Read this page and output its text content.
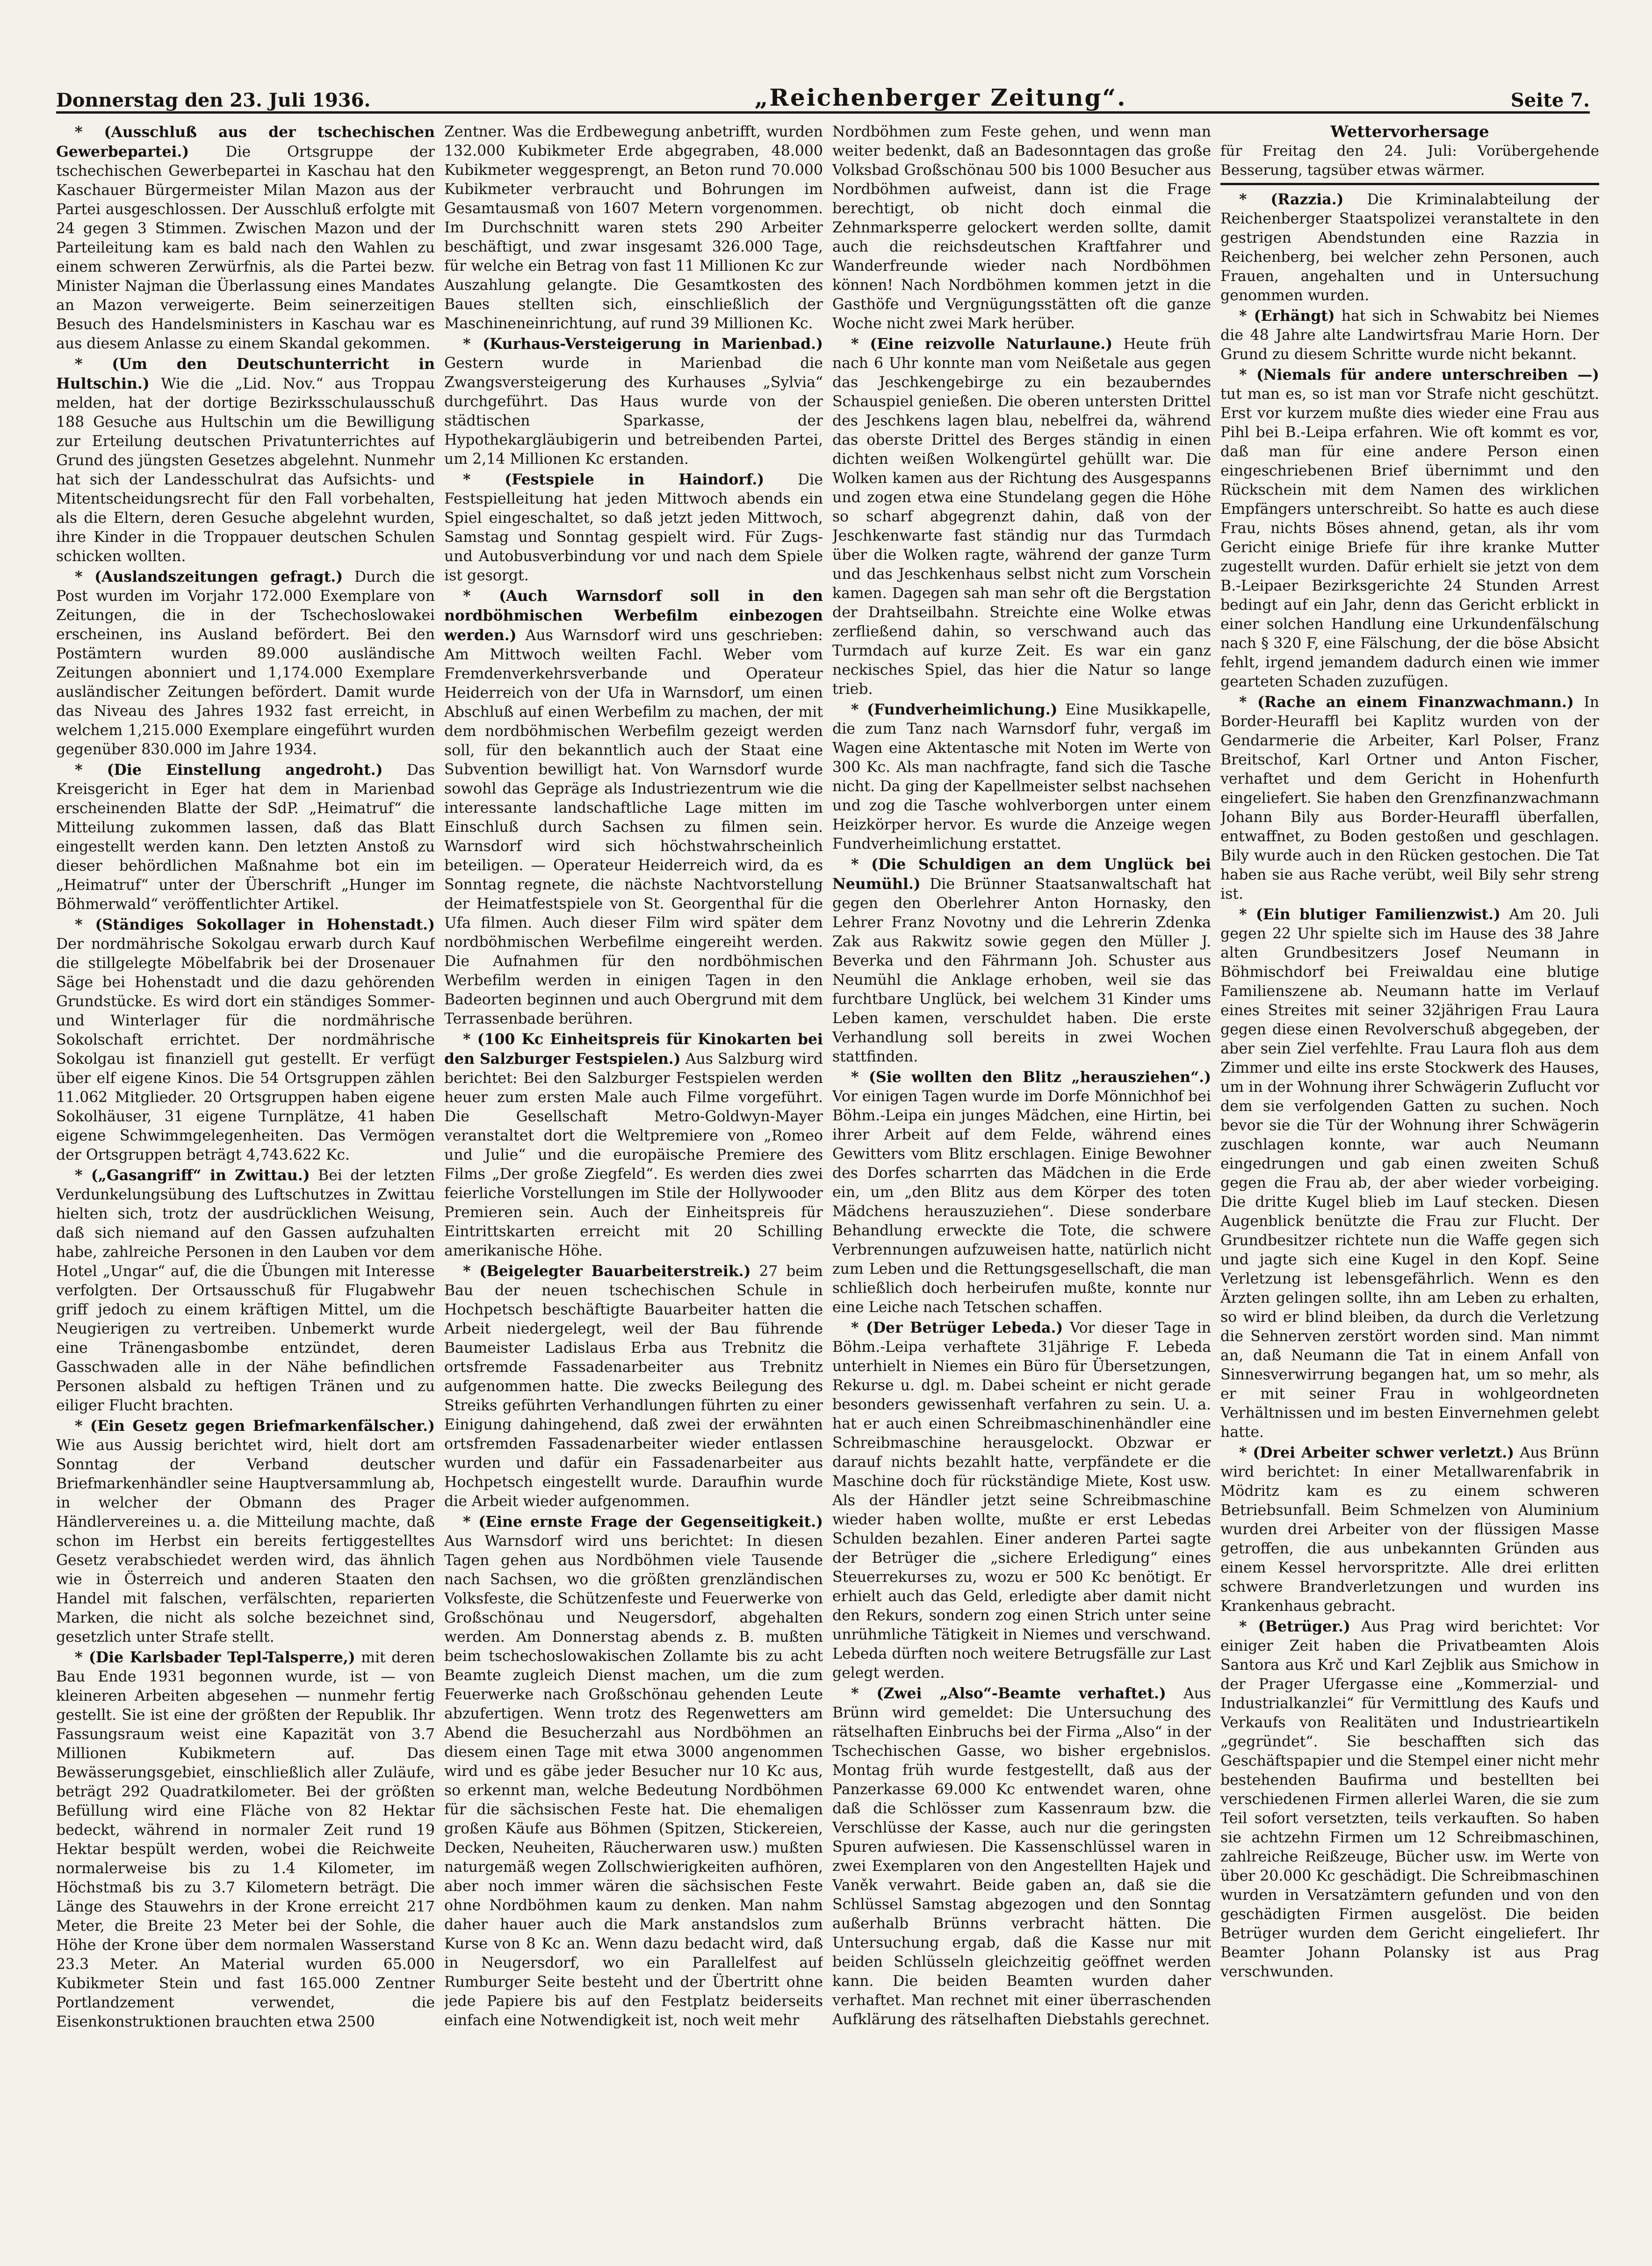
Donnerstag den 23. Juli 1936.	„Reichenberger Zeitung“.	Seite 7.

* (Ausschluß aus der tschechischen Gewerbepartei.) Die Ortsgruppe der tschechischen Gewerbepartei in Kaschau hat den Kaschauer Bürgermeister Milan Mazon aus der Partei ausgeschlossen. Der Ausschluß erfolgte mit 24 gegen 3 Stimmen. Zwischen Mazon und der Parteileitung kam es bald nach den Wahlen zu einem schweren Zerwürfnis, als die Partei bezw. Minister Najman die Überlassung eines Mandates an Mazon verweigerte. Beim seinerzeitigen Besuch des Handelsministers in Kaschau war es aus diesem Anlasse zu einem Skandal gekommen.

* (Um den Deutschunterricht in Hultschin.) Wie die „Lid. Nov.“ aus Troppau melden, hat der dortige Bezirksschulausschuß 188 Gesuche aus Hultschin um die Bewilligung zur Erteilung deutschen Privatunterrichtes auf Grund des jüngsten Gesetzes abgelehnt. Nunmehr hat sich der Landesschulrat das Aufsichts- und Mitentscheidungsrecht für den Fall vorbehalten, als die Eltern, deren Gesuche abgelehnt wurden, ihre Kinder in die Troppauer deutschen Schulen schicken wollten.

* (Auslandszeitungen gefragt.) Durch die Post wurden im Vorjahr 172.000 Exemplare von Zeitungen, die in der Tschechoslowakei erscheinen, ins Ausland befördert. Bei den Postämtern wurden 89.000 ausländische Zeitungen abonniert und 1,174.000 Exemplare ausländischer Zeitungen befördert. Damit wurde das Niveau des Jahres 1932 fast erreicht, in welchem 1,215.000 Exemplare eingeführt wurden gegenüber 830.000 im Jahre 1934.

* (Die Einstellung angedroht.) Das Kreisgericht in Eger hat dem in Marienbad erscheinenden Blatte der SdP. „Heimatruf“ die Mitteilung zukommen lassen, daß das Blatt eingestellt werden kann. Den letzten Anstoß zu dieser behördlichen Maßnahme bot ein im „Heimatruf“ unter der Überschrift „Hunger im Böhmerwald“ veröffentlichter Artikel.

* (Ständiges Sokollager in Hohenstadt.) Der nordmährische Sokolgau erwarb durch Kauf die stillgelegte Möbelfabrik bei der Drosenauer Säge bei Hohenstadt und die dazu gehörenden Grundstücke. Es wird dort ein ständiges Sommer- und Winterlager für die nordmährische Sokolschaft errichtet. Der nordmährische Sokolgau ist finanziell gut gestellt. Er verfügt über elf eigene Kinos. Die 54 Ortsgruppen zählen 11.062 Mitglieder. 20 Ortsgruppen haben eigene Sokolhäuser, 31 eigene Turnplätze, 41 haben eigene Schwimmgelegenheiten. Das Vermögen der Ortsgruppen beträgt 4,743.622 Kc.

* („Gasangriff“ in Zwittau.) Bei der letzten Verdunkelungsübung des Luftschutzes in Zwittau hielten sich, trotz der ausdrücklichen Weisung, daß sich niemand auf den Gassen aufzuhalten habe, zahlreiche Personen in den Lauben vor dem Hotel „Ungar“ auf, die die Übungen mit Interesse verfolgten. Der Ortsausschuß für Flugabwehr griff jedoch zu einem kräftigen Mittel, um die Neugierigen zu vertreiben. Unbemerkt wurde eine Tränengasbombe entzündet, deren Gasschwaden alle in der Nähe befindlichen Personen alsbald zu heftigen Tränen und zu eiliger Flucht brachten.

* (Ein Gesetz gegen Briefmarkenfälscher.) Wie aus Aussig berichtet wird, hielt dort am Sonntag der Verband deutscher Briefmarkenhändler seine Hauptversammlung ab, in welcher der Obmann des Prager Händlervereines u. a. die Mitteilung machte, daß schon im Herbst ein bereits fertiggestelltes Gesetz verabschiedet werden wird, das ähnlich wie in Österreich und anderen Staaten den Handel mit falschen, verfälschten, reparierten Marken, die nicht als solche bezeichnet sind, gesetzlich unter Strafe stellt.

* (Die Karlsbader Tepl-Talsperre,) mit deren Bau Ende 1931 begonnen wurde, ist — von kleineren Arbeiten abgesehen — nunmehr fertig gestellt. Sie ist eine der größten der Republik. Ihr Fassungsraum weist eine Kapazität von 3.7 Millionen Kubikmetern auf. Das Bewässerungsgebiet, einschließlich aller Zuläufe, beträgt 292 Quadratkilometer. Bei der größten Befüllung wird eine Fläche von 82 Hektar bedeckt, während in normaler Zeit rund 19 Hektar bespült werden, wobei die Reichweite normalerweise bis zu 1.4 Kilometer, im Höchstmaß bis zu 3.7 Kilometern beträgt. Die Länge des Stauwehrs in der Krone erreicht 217 Meter, die Breite 23 Meter bei der Sohle, die Höhe der Krone über dem normalen Wasserstand 23.3 Meter. An Material wurden 65.000 Kubikmeter Stein und fast 165.000 Zentner Portlandzement verwendet, die Eisenkonstruktionen brauchten etwa 2500

Zentner. Was die Erdbewegung anbetrifft, wurden 132.000 Kubikmeter Erde abgegraben, 48.000 Kubikmeter weggesprengt, an Beton rund 70.000 Kubikmeter verbraucht und Bohrungen im Gesamtausmaß von 1607 Metern vorgenommen. Im Durchschnitt waren stets 290 Arbeiter beschäftigt, und zwar insgesamt 326.000 Tage, für welche ein Betrag von fast 11 Millionen Kc zur Auszahlung gelangte. Die Gesamtkosten des Baues stellten sich, einschließlich der Maschineneinrichtung, auf rund 39 Millionen Kc.

* (Kurhaus-Versteigerung in Marienbad.) Gestern wurde in Marienbad die Zwangsversteigerung des Kurhauses „Sylvia“ durchgeführt. Das Haus wurde von der städtischen Sparkasse, der Hypothekargläubigerin und betreibenden Partei, um 2,14 Millionen Kc erstanden.

* (Festspiele in Haindorf.) Die Festspielleitung hat jeden Mittwoch abends ein Spiel eingeschaltet, so daß jetzt jeden Mittwoch, Samstag und Sonntag gespielt wird. Für Zugs- und Autobusverbindung vor und nach dem Spiele ist gesorgt.

* (Auch Warnsdorf soll in den nordböhmischen Werbefilm einbezogen werden.) Aus Warnsdorf wird uns geschrieben: Am Mittwoch weilten Fachl. Weber vom Fremdenverkehrsverbande und Operateur Heiderreich von der Ufa in Warnsdorf, um einen Abschluß auf einen Werbefilm zu machen, der mit dem nordböhmischen Werbefilm gezeigt werden soll, für den bekanntlich auch der Staat eine Subvention bewilligt hat. Von Warnsdorf wurde sowohl das Gepräge als Industriezentrum wie die interessante landschaftliche Lage mitten im Einschluß durch Sachsen zu filmen sein. Warnsdorf wird sich höchstwahrscheinlich beteiligen. — Operateur Heiderreich wird, da es Sonntag regnete, die nächste Nachtvorstellung der Heimatfestspiele von St. Georgenthal für die Ufa filmen. Auch dieser Film wird später dem nordböhmischen Werbefilme eingereiht werden. Die Aufnahmen für den nordböhmischen Werbefilm werden in einigen Tagen in den Badeorten beginnen und auch Obergrund mit dem Terrassenbade berühren.

* (100 Kc Einheitspreis für Kinokarten bei den Salzburger Festspielen.) Aus Salzburg wird berichtet: Bei den Salzburger Festspielen werden heuer zum ersten Male auch Filme vorgeführt. Die Gesellschaft Metro-Goldwyn-Mayer veranstaltet dort die Weltpremiere von „Romeo und Julie“ und die europäische Premiere des Films „Der große Ziegfeld“. Es werden dies zwei feierliche Vorstellungen im Stile der Hollywooder Premieren sein. Auch der Einheitspreis für Eintrittskarten erreicht mit 20 Schilling amerikanische Höhe.

* (Beigelegter Bauarbeiterstreik.) 27 beim Bau der neuen tschechischen Schule in Hochpetsch beschäftigte Bauarbeiter hatten die Arbeit niedergelegt, weil der Bau führende Baumeister Ladislaus Erba aus Trebnitz die ortsfremde Fassadenarbeiter aus Trebnitz aufgenommen hatte. Die zwecks Beilegung des Streiks geführten Verhandlungen führten zu einer Einigung dahingehend, daß zwei der erwähnten ortsfremden Fassadenarbeiter wieder entlassen wurden und dafür ein Fassadenarbeiter aus Hochpetsch eingestellt wurde. Daraufhin wurde die Arbeit wieder aufgenommen.

* (Eine ernste Frage der Gegenseitigkeit.) Aus Warnsdorf wird uns berichtet: In diesen Tagen gehen aus Nordböhmen viele Tausende nach Sachsen, wo die größten grenzländischen Volksfeste, die Schützenfeste und Feuerwerke von Großschönau und Neugersdorf, abgehalten werden. Am Donnerstag abends z. B. mußten beim tschechoslowakischen Zollamte bis zu acht Beamte zugleich Dienst machen, um die zum Feuerwerke nach Großschönau gehenden Leute abzufertigen. Wenn trotz des Regenwetters am Abend die Besucherzahl aus Nordböhmen an diesem einen Tage mit etwa 3000 angenommen wird und es gäbe jeder Besucher nur 10 Kc aus, so erkennt man, welche Bedeutung Nordböhmen für die sächsischen Feste hat. Die ehemaligen großen Käufe aus Böhmen (Spitzen, Stickereien, Decken, Neuheiten, Räucherwaren usw.) mußten naturgemäß wegen Zollschwierigkeiten aufhören, aber noch immer wären die sächsischen Feste ohne Nordböhmen kaum zu denken. Man nahm daher hauer auch die Mark anstandslos zum Kurse von 8 Kc an. Wenn dazu bedacht wird, daß in Neugersdorf, wo ein Parallelfest auf Rumburger Seite besteht und der Übertritt ohne jede Papiere bis auf den Festplatz beiderseits einfach eine Notwendigkeit ist, noch weit mehr

Nordböhmen zum Feste gehen, und wenn man weiter bedenkt, daß an Badesonntagen das große Volksbad Großschönau 500 bis 1000 Besucher aus Nordböhmen aufweist, dann ist die Frage berechtigt, ob nicht doch einmal die Zehnmarksperre gelockert werden sollte, damit auch die reichsdeutschen Kraftfahrer und Wanderfreunde wieder nach Nordböhmen können! Nach Nordböhmen kommen jetzt in die Gasthöfe und Vergnügungsstätten oft die ganze Woche nicht zwei Mark herüber.

* (Eine reizvolle Naturlaune.) Heute früh nach 6 Uhr konnte man vom Neißetale aus gegen das Jeschkengebirge zu ein bezauberndes Schauspiel genießen. Die oberen untersten Drittel des Jeschkens lagen blau, nebelfrei da, während das oberste Drittel des Berges ständig in einen dichten weißen Wolkengürtel gehüllt war. Die Wolken kamen aus der Richtung des Ausgespanns und zogen etwa eine Stundelang gegen die Höhe so scharf abgegrenzt dahin, daß von der Jeschkenwarte fast ständig nur das Turmdach über die Wolken ragte, während der ganze Turm und das Jeschkenhaus selbst nicht zum Vorschein kamen. Dagegen sah man sehr oft die Bergstation der Drahtseilbahn. Streichte eine Wolke etwas zerfließend dahin, so verschwand auch das Turmdach auf kurze Zeit. Es war ein ganz neckisches Spiel, das hier die Natur so lange trieb.

* (Fundverheimlichung.) Eine Musikkapelle, die zum Tanz nach Warnsdorf fuhr, vergaß im Wagen eine Aktentasche mit Noten im Werte von 300 Kc. Als man nachfragte, fand sich die Tasche nicht. Da ging der Kapellmeister selbst nachsehen und zog die Tasche wohlverborgen unter einem Heizkörper hervor. Es wurde die Anzeige wegen Fundverheimlichung erstattet.

* (Die Schuldigen an dem Unglück bei Neumühl.) Die Brünner Staatsanwaltschaft hat gegen den Oberlehrer Anton Hornasky, den Lehrer Franz Novotny und die Lehrerin Zdenka Zak aus Rakwitz sowie gegen den Müller J. Beverka und den Fährmann Joh. Schuster aus Neumühl die Anklage erhoben, weil sie das furchtbare Unglück, bei welchem 31 Kinder ums Leben kamen, verschuldet haben. Die erste Verhandlung soll bereits in zwei Wochen stattfinden.

* (Sie wollten den Blitz „herausziehen“.) Vor einigen Tagen wurde im Dorfe Mönnichhof bei Böhm.-Leipa ein junges Mädchen, eine Hirtin, bei ihrer Arbeit auf dem Felde, während eines Gewitters vom Blitz erschlagen. Einige Bewohner des Dorfes scharrten das Mädchen in die Erde ein, um „den Blitz aus dem Körper des toten Mädchens herauszuziehen“. Diese sonderbare Behandlung erweckte die Tote, die schwere Verbrennungen aufzuweisen hatte, natürlich nicht zum Leben und die Rettungsgesellschaft, die man schließlich doch herbeirufen mußte, konnte nur eine Leiche nach Tetschen schaffen.

* (Der Betrüger Lebeda.) Vor dieser Tage in Böhm.-Leipa verhaftete 31jährige F. Lebeda unterhielt in Niemes ein Büro für Übersetzungen, Rekurse u. dgl. m. Dabei scheint er nicht gerade besonders gewissenhaft verfahren zu sein. U. a. hat er auch einen Schreibmaschinenhändler eine Schreibmaschine herausgelockt. Obzwar er darauf nichts bezahlt hatte, verpfändete er die Maschine doch für rückständige Miete, Kost usw. Als der Händler jetzt seine Schreibmaschine wieder haben wollte, mußte er erst Lebedas Schulden bezahlen. Einer anderen Partei sagte der Betrüger die „sichere Erledigung“ eines Steuerrekurses zu, wozu er 500 Kc benötigt. Er erhielt auch das Geld, erledigte aber damit nicht den Rekurs, sondern zog einen Strich unter seine unrühmliche Tätigkeit in Niemes und verschwand. Lebeda dürften noch weitere Betrugsfälle zur Last gelegt werden.

* (Zwei „Also“-Beamte verhaftet.) Aus Brünn wird gemeldet: Die Untersuchung des rätselhaften Einbruchs bei der Firma „Also“ in der Tschechischen Gasse, wo bisher ergebnislos. Montag früh wurde festgestellt, daß aus der Panzerkasse 69.000 Kc entwendet waren, ohne daß die Schlösser zum Kassenraum bzw. die Verschlüsse der Kasse, auch nur die geringsten Spuren aufwiesen. Die Kassenschlüssel waren in zwei Exemplaren von den Angestellten Hajek und Vaněk verwahrt. Beide gaben an, daß sie die Schlüssel Samstag abgezogen und den Sonntag außerhalb Brünns verbracht hätten. Die Untersuchung ergab, daß die Kasse nur mit beiden Schlüsseln gleichzeitig geöffnet werden kann. Die beiden Beamten wurden daher verhaftet. Man rechnet mit einer überraschenden Aufklärung des rätselhaften Diebstahls gerechnet.

Wettervorhersage
für Freitag den 24. Juli: Vorübergehende Besserung, tagsüber etwas wärmer.

* (Razzia.) Die Kriminalabteilung der Reichenberger Staatspolizei veranstaltete in den gestrigen Abendstunden eine Razzia in Reichenberg, bei welcher zehn Personen, auch Frauen, angehalten und in Untersuchung genommen wurden.

* (Erhängt) hat sich in Schwabitz bei Niemes die 48 Jahre alte Landwirtsfrau Marie Horn. Der Grund zu diesem Schritte wurde nicht bekannt.

* (Niemals für andere unterschreiben —) tut man es, so ist man vor Strafe nicht geschützt. Erst vor kurzem mußte dies wieder eine Frau aus Pihl bei B.-Leipa erfahren. Wie oft kommt es vor, daß man für eine andere Person einen eingeschriebenen Brief übernimmt und den Rückschein mit dem Namen des wirklichen Empfängers unterschreibt. So hatte es auch diese Frau, nichts Böses ahnend, getan, als ihr vom Gericht einige Briefe für ihre kranke Mutter zugestellt wurden. Dafür erhielt sie jetzt von dem B.-Leipaer Bezirksgerichte 24 Stunden Arrest bedingt auf ein Jahr, denn das Gericht erblickt in einer solchen Handlung eine Urkundenfälschung nach § 320 F, eine Fälschung, der die böse Absicht fehlt, irgend jemandem dadurch einen wie immer gearteten Schaden zuzufügen.

* (Rache an einem Finanzwachmann.) In Border-Heuraffl bei Kaplitz wurden von der Gendarmerie die Arbeiter, Karl Polser, Franz Breitschof, Karl Ortner und Anton Fischer, verhaftet und dem Gericht in Hohenfurth eingeliefert. Sie haben den Grenzfinanzwachmann Johann Bily aus Border-Heuraffl überfallen, entwaffnet, zu Boden gestoßen und geschlagen. Bily wurde auch in den Rücken gestochen. Die Tat haben sie aus Rache verübt, weil Bily sehr streng ist.

* (Ein blutiger Familienzwist.) Am 20. Juli gegen 22 Uhr spielte sich im Hause des 38 Jahre alten Grundbesitzers Josef Neumann in Böhmischdorf bei Freiwaldau eine blutige Familienszene ab. Neumann hatte im Verlauf eines Streites mit seiner 32jährigen Frau Laura gegen diese einen Revolverschuß abgegeben, der aber sein Ziel verfehlte. Frau Laura floh aus dem Zimmer und eilte ins erste Stockwerk des Hauses, um in der Wohnung ihrer Schwägerin Zuflucht vor dem sie verfolgenden Gatten zu suchen. Noch bevor sie die Tür der Wohnung ihrer Schwägerin zuschlagen konnte, war auch Neumann eingedrungen und gab einen zweiten Schuß gegen die Frau ab, der aber wieder vorbeiging. Die dritte Kugel blieb im Lauf stecken. Diesen Augenblick benützte die Frau zur Flucht. Der Grundbesitzer richtete nun die Waffe gegen sich und jagte sich eine Kugel in den Kopf. Seine Verletzung ist lebensgefährlich. Wenn es den Ärzten gelingen sollte, ihn am Leben zu erhalten, so wird er blind bleiben, da durch die Verletzung die Sehnerven zerstört worden sind. Man nimmt an, daß Neumann die Tat in einem Anfall von Sinnesverwirrung begangen hat, um so mehr, als er mit seiner Frau in wohlgeordneten Verhältnissen und im besten Einvernehmen gelebt hatte.

* (Drei Arbeiter schwer verletzt.) Aus Brünn wird berichtet: In einer Metallwarenfabrik in Mödritz kam es zu einem schweren Betriebsunfall. Beim Schmelzen von Aluminium wurden drei Arbeiter von der flüssigen Masse getroffen, die aus unbekannten Gründen aus einem Kessel hervorspritzte. Alle drei erlitten schwere Brandverletzungen und wurden ins Krankenhaus gebracht.

* (Betrüger.) Aus Prag wird berichtet: Vor einiger Zeit haben die Privatbeamten Alois Santora aus Krč und Karl Zejblik aus Smichow in der Prager Ufergasse eine „Kommerzial- und Industrialkanzlei“ für Vermittlung des Kaufs und Verkaufs von Realitäten und Industrieartikeln „gegründet“. Sie beschafften sich das Geschäftspapier und die Stempel einer nicht mehr bestehenden Baufirma und bestellten bei verschiedenen Firmen allerlei Waren, die sie zum Teil sofort versetzten, teils verkauften. So haben sie achtzehn Firmen um 12 Schreibmaschinen, zahlreiche Reißzeuge, Bücher usw. im Werte von über 20.000 Kc geschädigt. Die Schreibmaschinen wurden in Versatzämtern gefunden und von den geschädigten Firmen ausgelöst. Die beiden Betrüger wurden dem Gericht eingeliefert. Ihr Beamter Johann Polansky ist aus Prag verschwunden.
